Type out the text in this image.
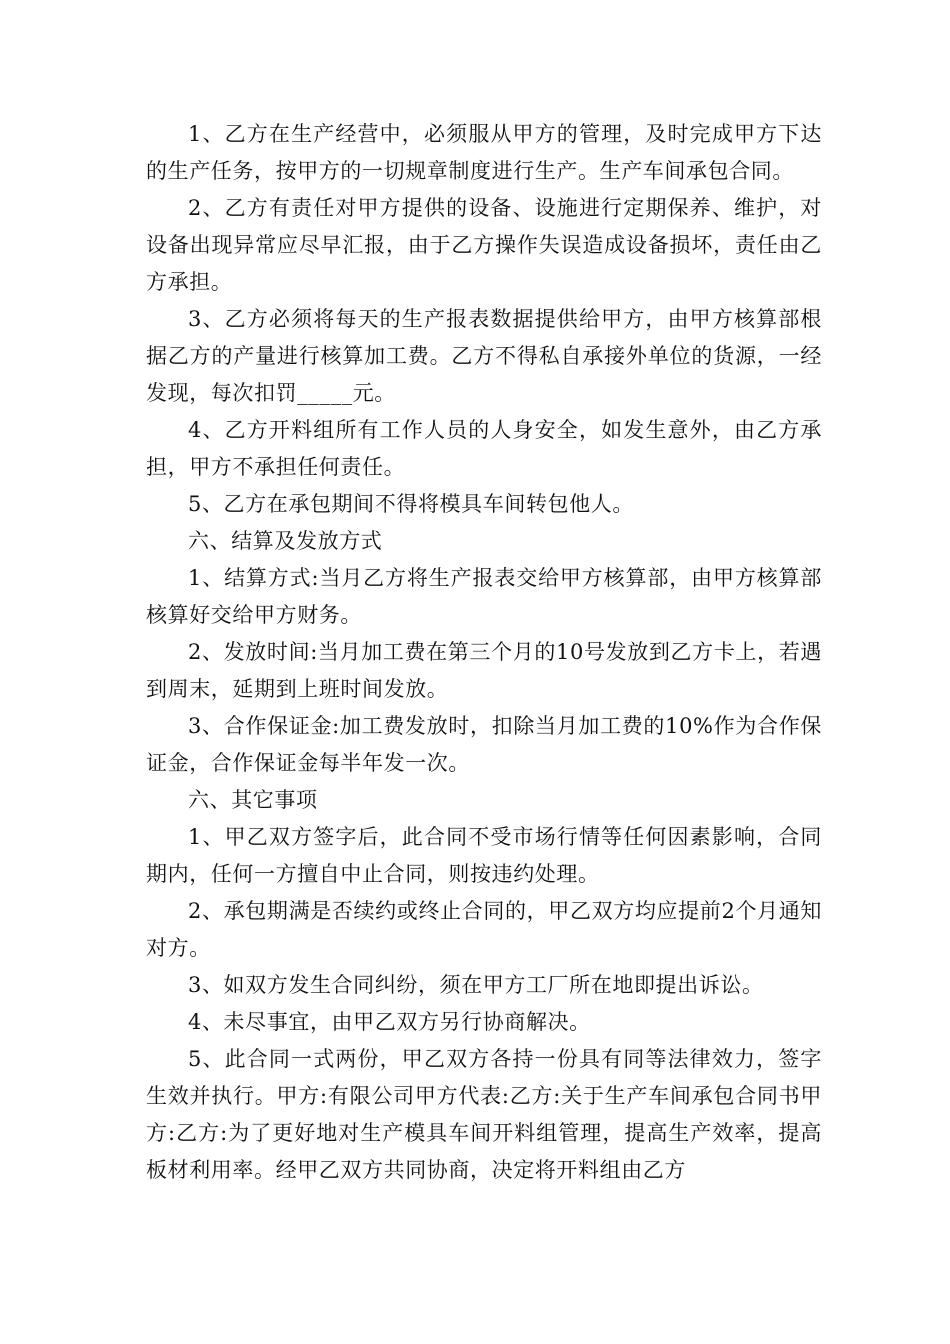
1、乙方在生产经营中，必须服从甲方的管理，及时完成甲方下达的生产任务，按甲方的一切规章制度进行生产。生产车间承包合同。

2、乙方有责任对甲方提供的设备、设施进行定期保养、维护，对设备出现异常应尽早汇报，由于乙方操作失误造成设备损坏，责任由乙方承担。

3、乙方必须将每天的生产报表数据提供给甲方，由甲方核算部根据乙方的产量进行核算加工费。乙方不得私自承接外单位的货源，一经发现，每次扣罚_____元。

4、乙方开料组所有工作人员的人身安全，如发生意外，由乙方承担，甲方不承担任何责任。

5、乙方在承包期间不得将模具车间转包他人。

六、结算及发放方式

1、结算方式:当月乙方将生产报表交给甲方核算部，由甲方核算部核算好交给甲方财务。

2、发放时间:当月加工费在第三个月的10号发放到乙方卡上，若遇到周末，延期到上班时间发放。

3、合作保证金:加工费发放时，扣除当月加工费的10%作为合作保证金，合作保证金每半年发一次。

六、其它事项

1、甲乙双方签字后，此合同不受市场行情等任何因素影响，合同期内，任何一方擅自中止合同，则按违约处理。

2、承包期满是否续约或终止合同的，甲乙双方均应提前2个月通知对方。

3、如双方发生合同纠纷，须在甲方工厂所在地即提出诉讼。

4、未尽事宜，由甲乙双方另行协商解决。

5、此合同一式两份，甲乙双方各持一份具有同等法律效力，签字生效并执行。甲方:有限公司甲方代表:乙方:关于生产车间承包合同书甲方:乙方:为了更好地对生产模具车间开料组管理，提高生产效率，提高板材利用率。经甲乙双方共同协商，决定将开料组由乙方
